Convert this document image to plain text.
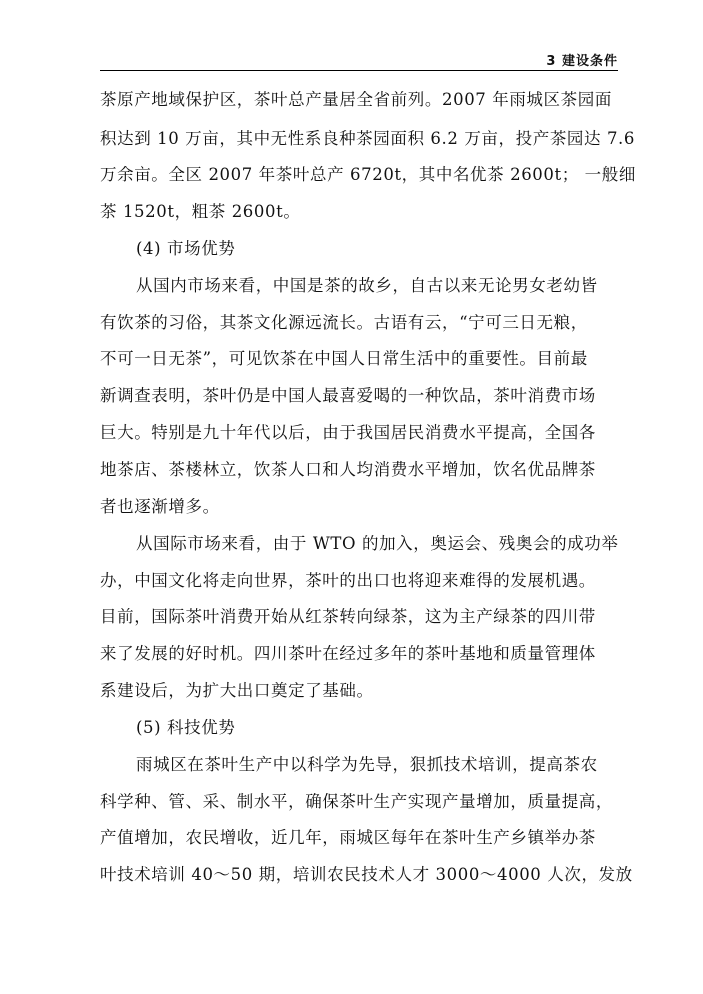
3 建设条件
茶原产地域保护区，茶叶总产量居全省前列。2007 年雨城区茶园面
积达到 10 万亩，其中无性系良种茶园面积 6.2 万亩，投产茶园达 7.6
万余亩。全区 2007 年茶叶总产 6720t，其中名优茶 2600t； 一般细
茶 1520t，粗茶 2600t。
(4) 市场优势
从国内市场来看，中国是茶的故乡，自古以来无论男女老幼皆
有饮茶的习俗，其茶文化源远流长。古语有云，“宁可三日无粮，
不可一日无茶”，可见饮茶在中国人日常生活中的重要性。目前最
新调查表明，茶叶仍是中国人最喜爱喝的一种饮品，茶叶消费市场
巨大。特别是九十年代以后，由于我国居民消费水平提高，全国各
地茶店、茶楼林立，饮茶人口和人均消费水平增加，饮名优品牌茶
者也逐渐增多。
从国际市场来看，由于 WTO 的加入，奥运会、残奥会的成功举
办，中国文化将走向世界，茶叶的出口也将迎来难得的发展机遇。
目前，国际茶叶消费开始从红茶转向绿茶，这为主产绿茶的四川带
来了发展的好时机。四川茶叶在经过多年的茶叶基地和质量管理体
系建设后，为扩大出口奠定了基础。
(5) 科技优势
雨城区在茶叶生产中以科学为先导，狠抓技术培训，提高茶农
科学种、管、采、制水平，确保茶叶生产实现产量增加，质量提高，
产值增加，农民增收，近几年，雨城区每年在茶叶生产乡镇举办茶
叶技术培训 40～50 期，培训农民技术人才 3000～4000 人次，发放
